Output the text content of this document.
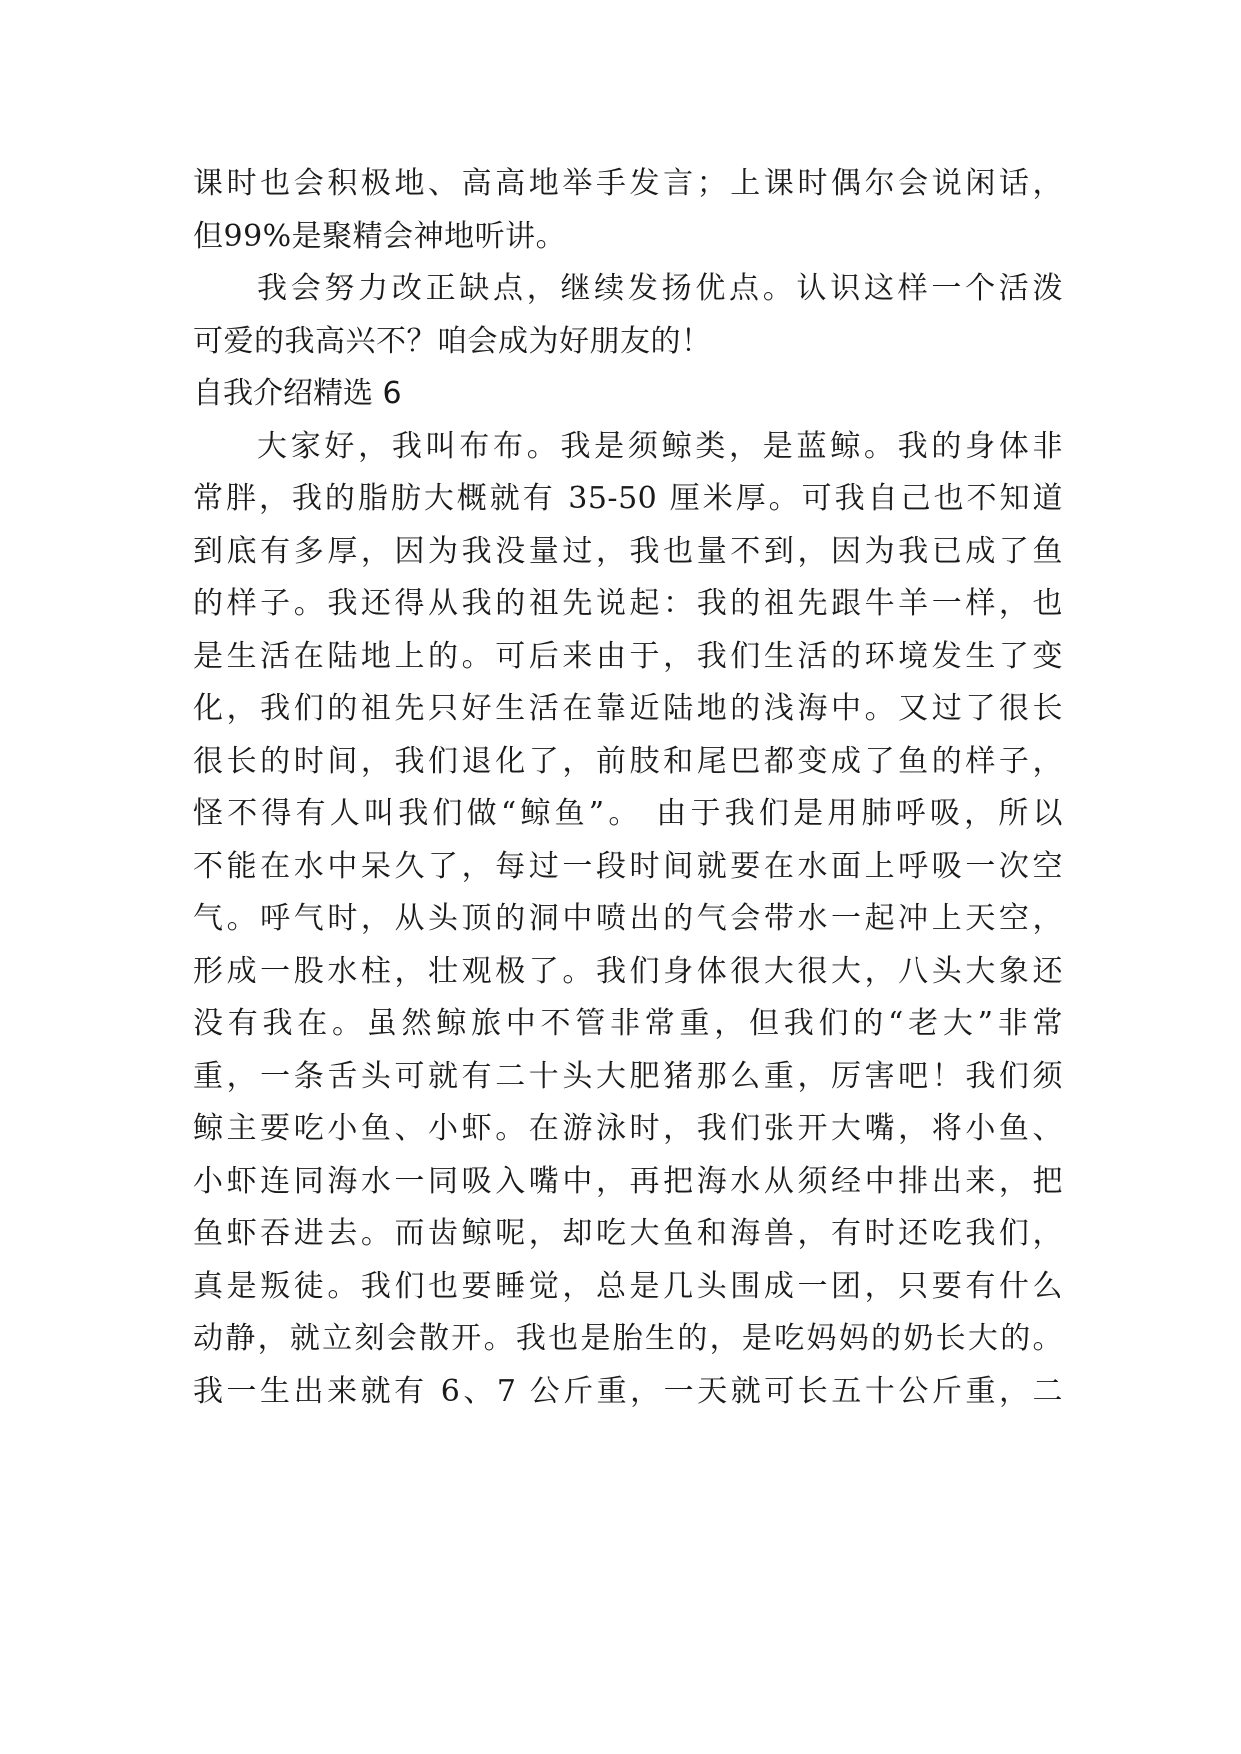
课时也会积极地、高高地举手发言；上课时偶尔会说闲话，
但99%是聚精会神地听讲。
我会努力改正缺点，继续发扬优点。认识这样一个活泼
可爱的我高兴不？咱会成为好朋友的！
自我介绍精选 6
大家好，我叫布布。我是须鲸类，是蓝鲸。我的身体非
常胖，我的脂肪大概就有 35-50 厘米厚。可我自己也不知道
到底有多厚，因为我没量过，我也量不到，因为我已成了鱼
的样子。我还得从我的祖先说起：我的祖先跟牛羊一样，也
是生活在陆地上的。可后来由于，我们生活的环境发生了变
化，我们的祖先只好生活在靠近陆地的浅海中。又过了很长
很长的时间，我们退化了，前肢和尾巴都变成了鱼的样子，
怪不得有人叫我们做“鲸鱼”。 由于我们是用肺呼吸，所以
不能在水中呆久了，每过一段时间就要在水面上呼吸一次空
气。呼气时，从头顶的洞中喷出的气会带水一起冲上天空，
形成一股水柱，壮观极了。我们身体很大很大，八头大象还
没有我在。虽然鲸旅中不管非常重，但我们的“老大”非常
重，一条舌头可就有二十头大肥猪那么重，厉害吧！我们须
鲸主要吃小鱼、小虾。在游泳时，我们张开大嘴，将小鱼、
小虾连同海水一同吸入嘴中，再把海水从须经中排出来，把
鱼虾吞进去。而齿鲸呢，却吃大鱼和海兽，有时还吃我们，
真是叛徒。我们也要睡觉，总是几头围成一团，只要有什么
动静，就立刻会散开。我也是胎生的，是吃妈妈的奶长大的。
我一生出来就有 6、7 公斤重，一天就可长五十公斤重，二
